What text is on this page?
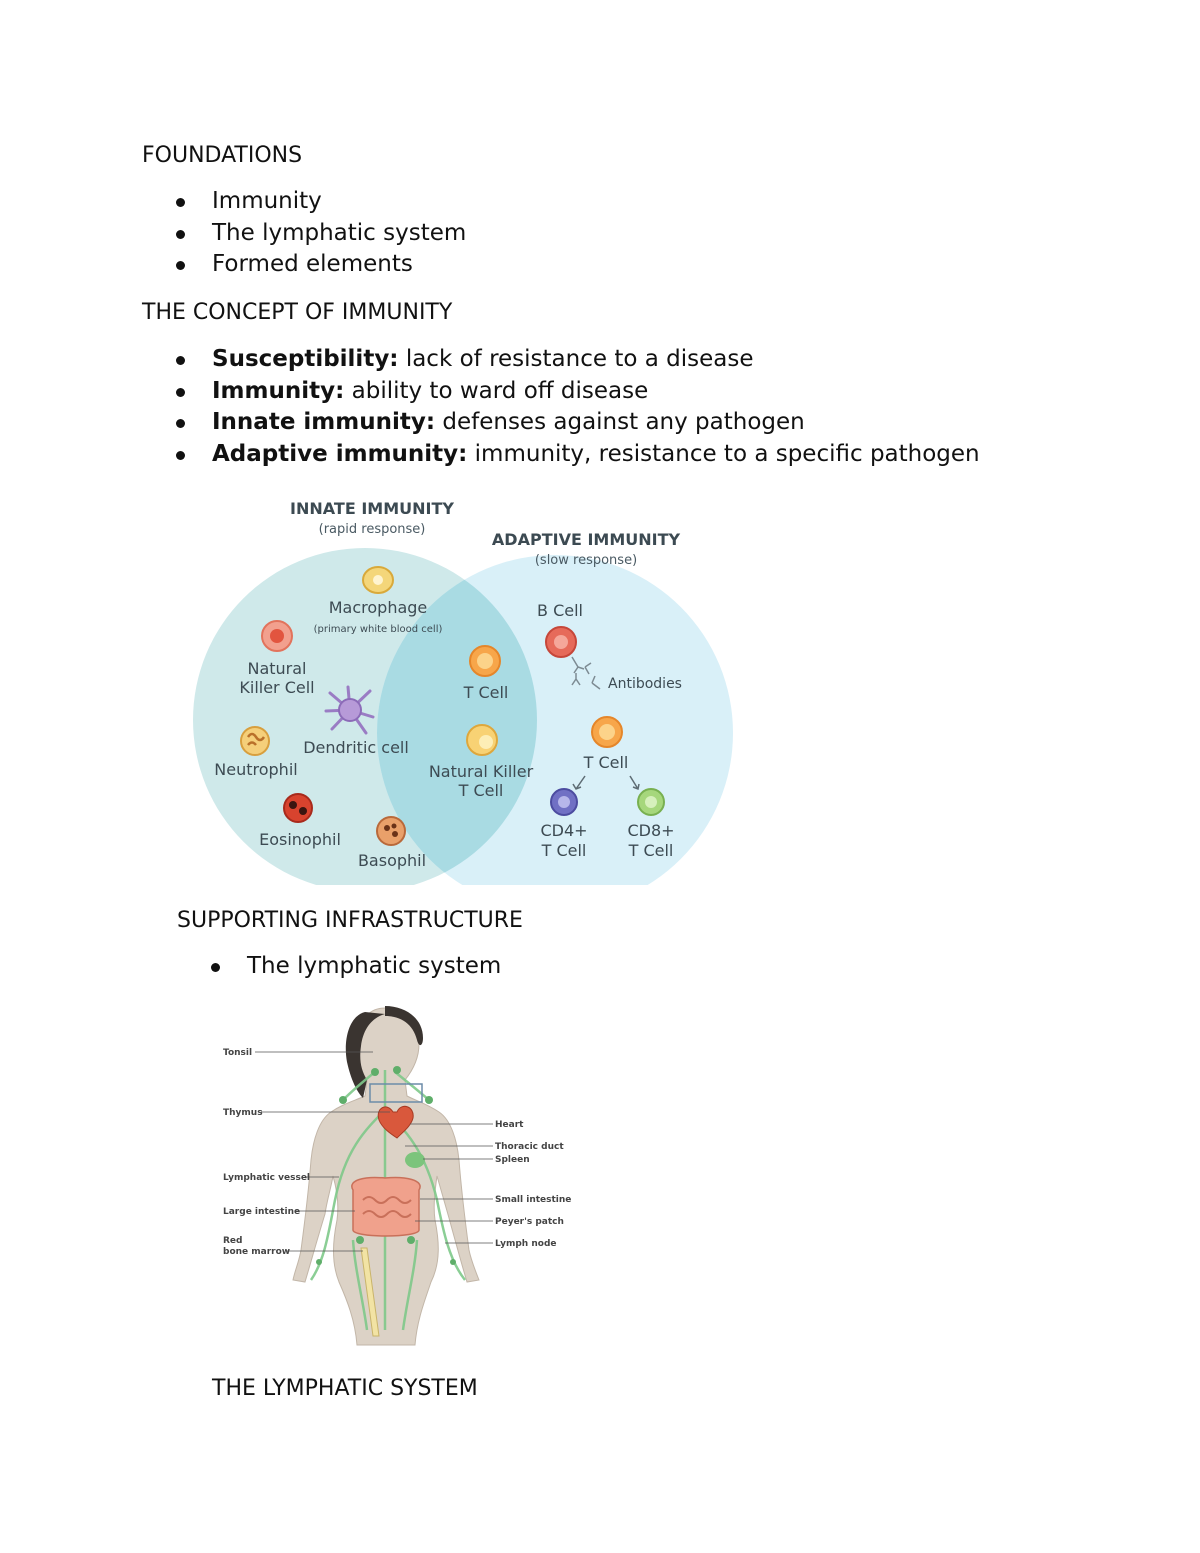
FOUNDATIONS
Immunity
The lymphatic system
Formed elements
THE CONCEPT OF IMMUNITY
Susceptibility: lack of resistance to a disease
Immunity: ability to ward off disease
Innate immunity: defenses against any pathogen
Adaptive immunity: immunity, resistance to a specific pathogen
INNATE IMMUNITY
(rapid response)
ADAPTIVE IMMUNITY
(slow response)
Macrophage
(primary white blood cell)
Natural
Killer Cell
Dendritic cell
Neutrophil
Eosinophil
Basophil
T Cell
Natural Killer
T Cell
B Cell
Antibodies
T Cell
CD4+
T Cell
CD8+
T Cell
SUPPORTING INFRASTRUCTURE
The lymphatic system
Tonsil
Thymus
Lymphatic vessel
Large intestine
Red
bone marrow
Heart
Thoracic duct
Spleen
Small intestine
Peyer's patch
Lymph node
THE LYMPHATIC SYSTEM
